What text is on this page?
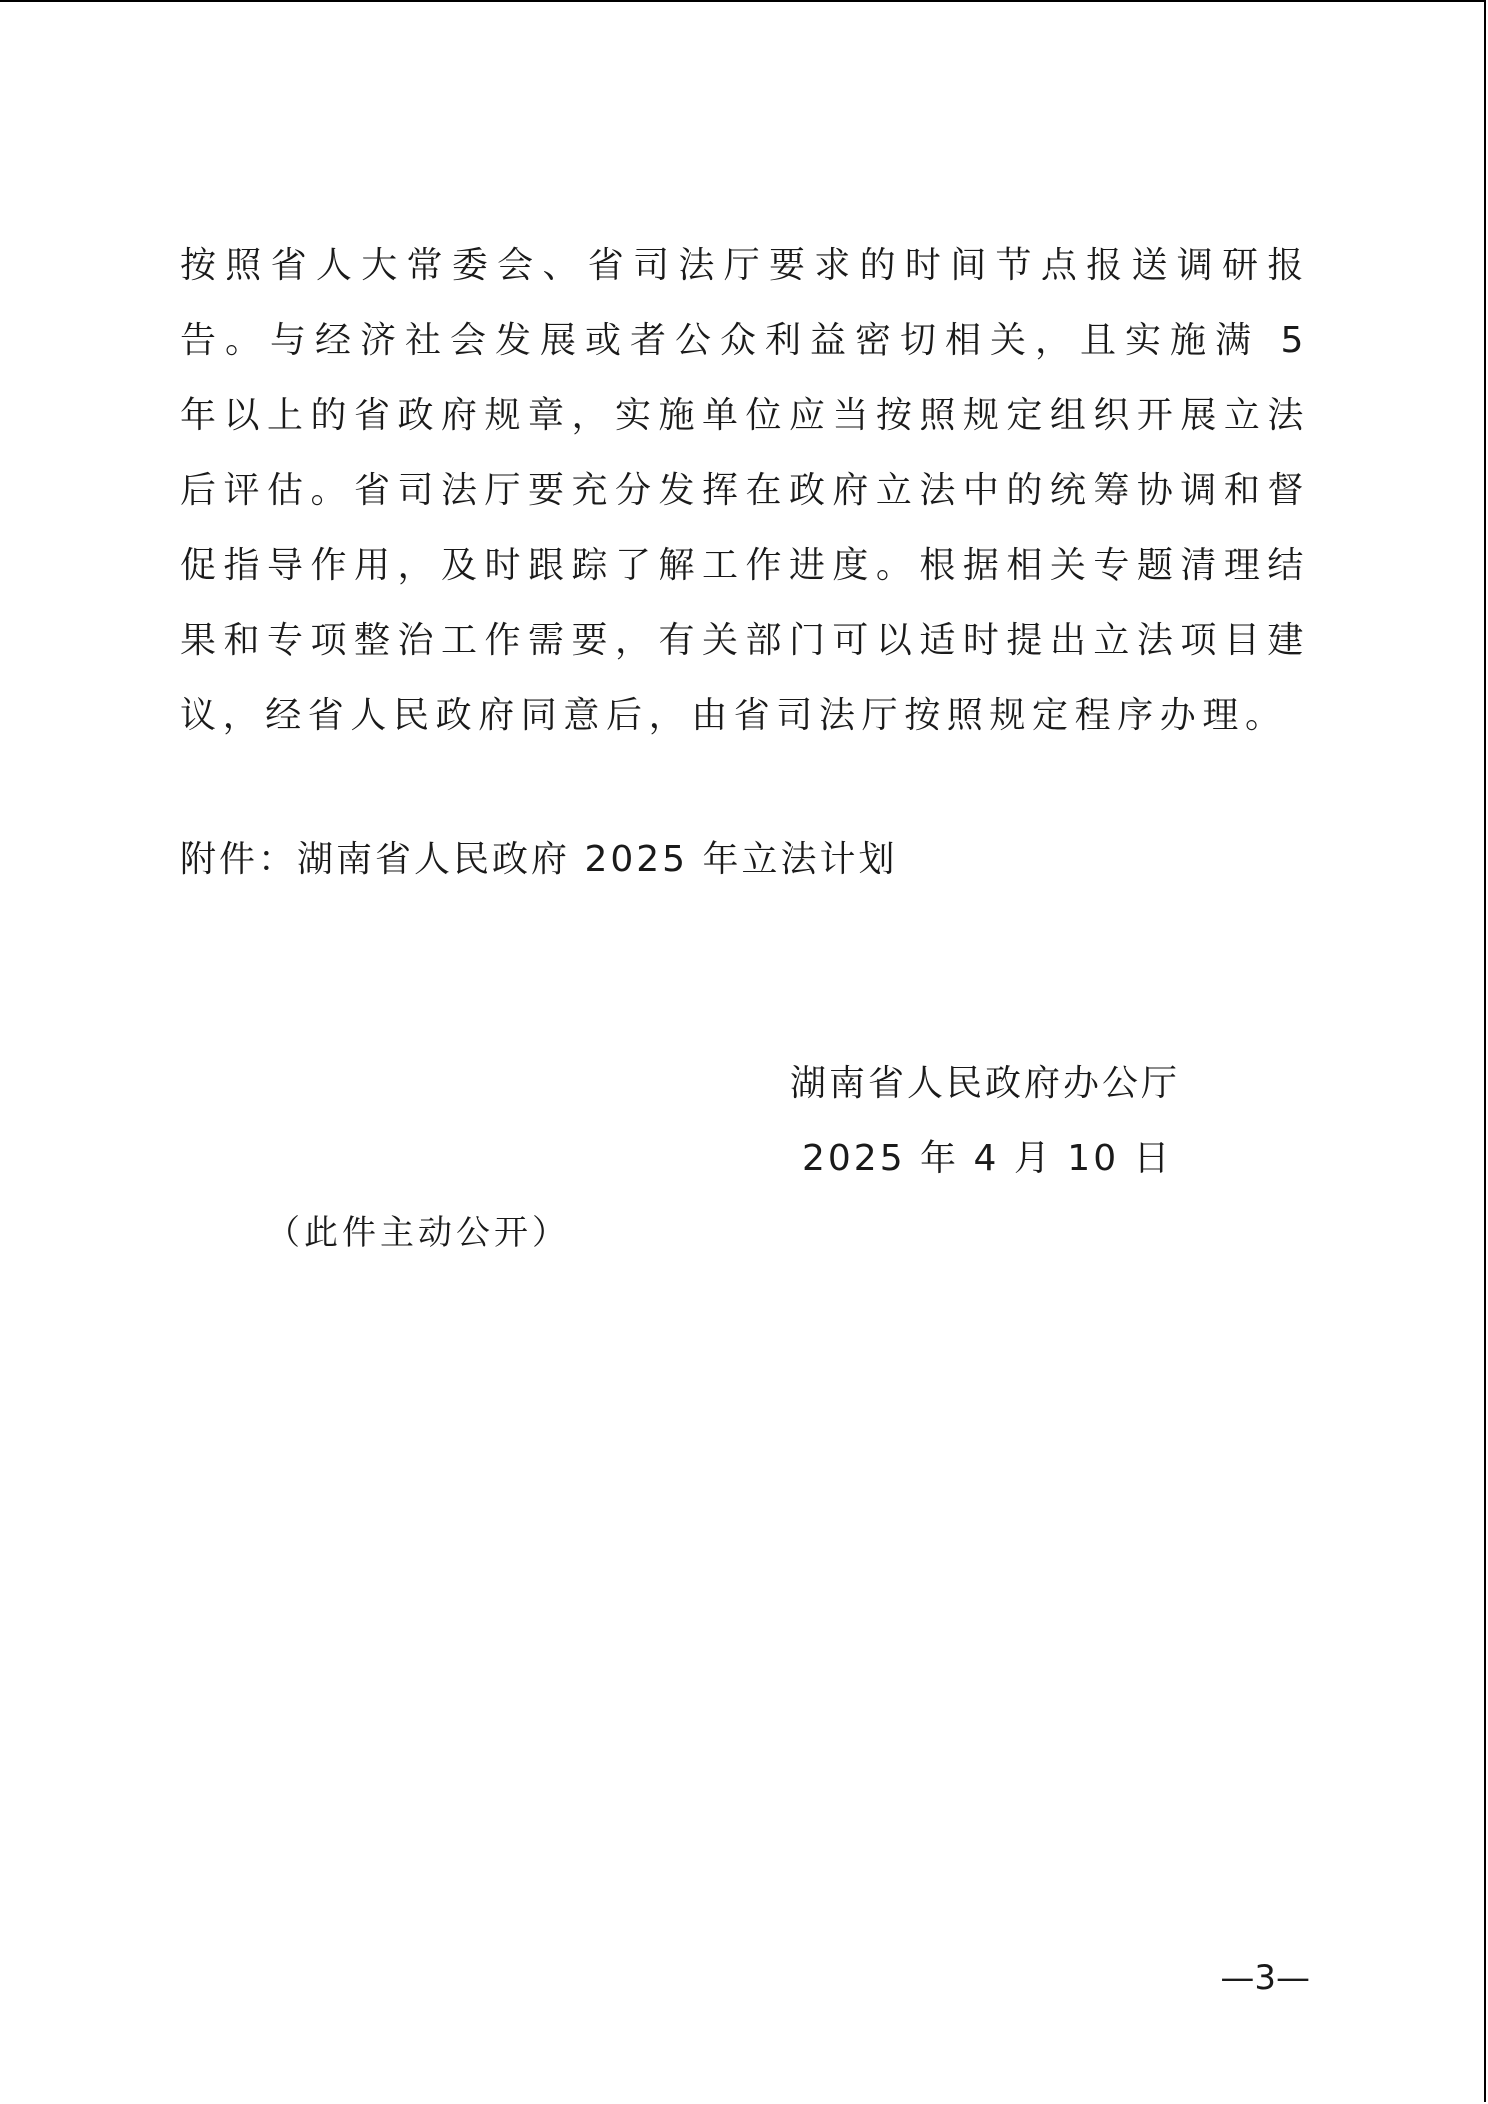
按照省人大常委会、省司法厅要求的时间节点报送调研报告。与经济社会发展或者公众利益密切相关，且实施满 5 年以上的省政府规章，实施单位应当按照规定组织开展立法后评估。省司法厅要充分发挥在政府立法中的统筹协调和督促指导作用，及时跟踪了解工作进度。根据相关专题清理结果和专项整治工作需要，有关部门可以适时提出立法项目建议，经省人民政府同意后，由省司法厅按照规定程序办理。

附件：湖南省人民政府 2025 年立法计划

湖南省人民政府办公厅

2025 年 4 月 10 日

（此件主动公开）

—3—
